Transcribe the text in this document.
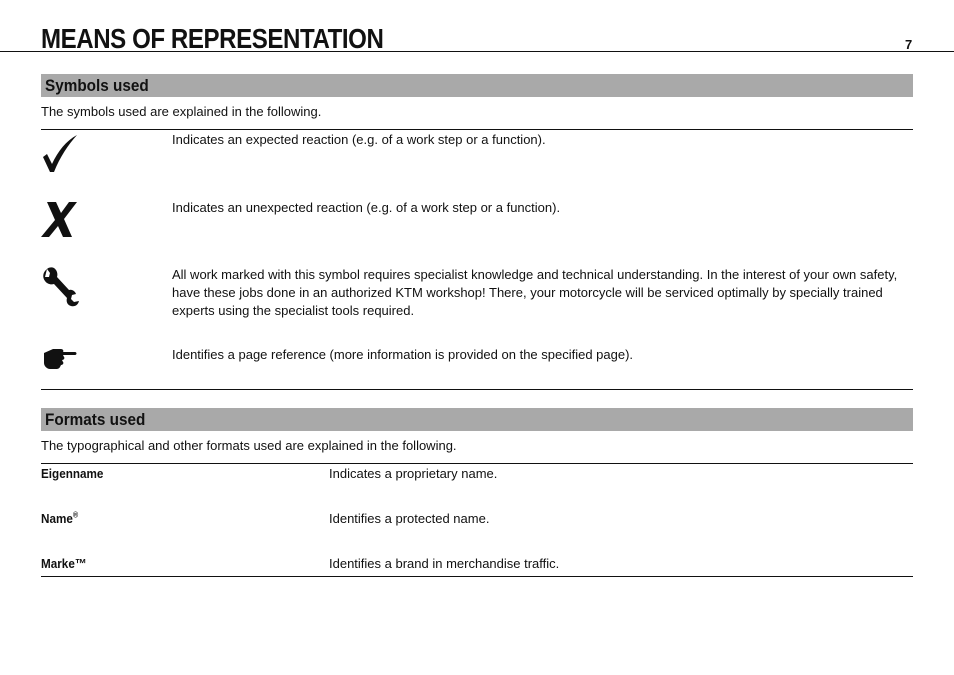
MEANS OF REPRESENTATION	7
Symbols used
The symbols used are explained in the following.
Indicates an expected reaction (e.g. of a work step or a function).
Indicates an unexpected reaction (e.g. of a work step or a function).
All work marked with this symbol requires specialist knowledge and technical understanding. In the interest of your own safety, have these jobs done in an authorized KTM workshop! There, your motorcycle will be serviced optimally by specially trained experts using the specialist tools required.
Identifies a page reference (more information is provided on the specified page).
Formats used
The typographical and other formats used are explained in the following.
Eigenname	Indicates a proprietary name.
Name®	Identifies a protected name.
Marke™	Identifies a brand in merchandise traffic.
